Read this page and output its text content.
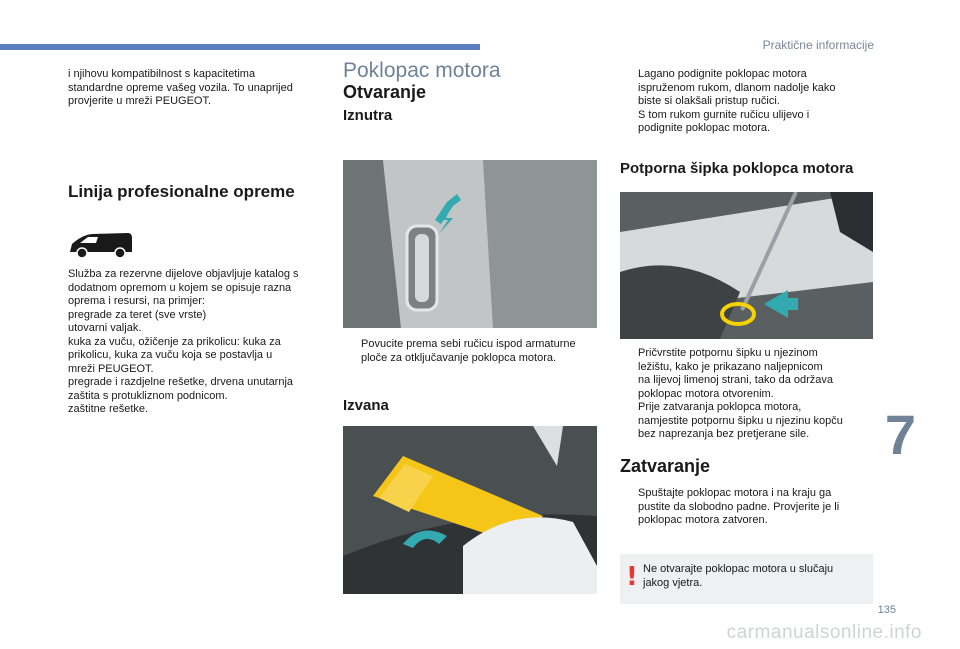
Praktične informacije

i njihovu kompatibilnost s kapacitetima
standardne opreme vašeg vozila. To unaprijed
provjerite u mreži PEUGEOT.

Linija profesionalne opreme

Služba za rezervne dijelove objavljuje katalog s
dodatnom opremom u kojem se opisuje razna
oprema i resursi, na primjer:
pregrade za teret (sve vrste)
utovarni valjak.
kuka za vuču, ožičenje za prikolicu: kuka za
prikolicu, kuka za vuču koja se postavlja u
mreži PEUGEOT.
pregrade i razdjelne rešetke, drvena unutarnja
zaštita s protukliznom podnicom.
zaštitne rešetke.

Poklopac motora
Otvaranje
Iznutra

Povucite prema sebi ručicu ispod armaturne
ploče za otključavanje poklopca motora.

Izvana

Lagano podignite poklopac motora
ispruženom rukom, dlanom nadolje kako
biste si olakšali pristup ručici.

S tom rukom gurnite ručicu ulijevo i
podignite poklopac motora.

Potporna šipka poklopca motora

Pričvrstite potpornu šipku u njezinom
ležištu, kako je prikazano naljepnicom
na lijevoj limenoj strani, tako da održava
poklopac motora otvorenim.

Prije zatvaranja poklopca motora,
namjestite potpornu šipku u njezinu kopču
bez naprezanja bez pretjerane sile.

Zatvaranje

Spuštajte poklopac motora i na kraju ga
pustite da slobodno padne. Provjerite je li
poklopac motora zatvoren.

! Ne otvarajte poklopac motora u slučaju
jakog vjetra.
7
135
carmanualsonline.info
